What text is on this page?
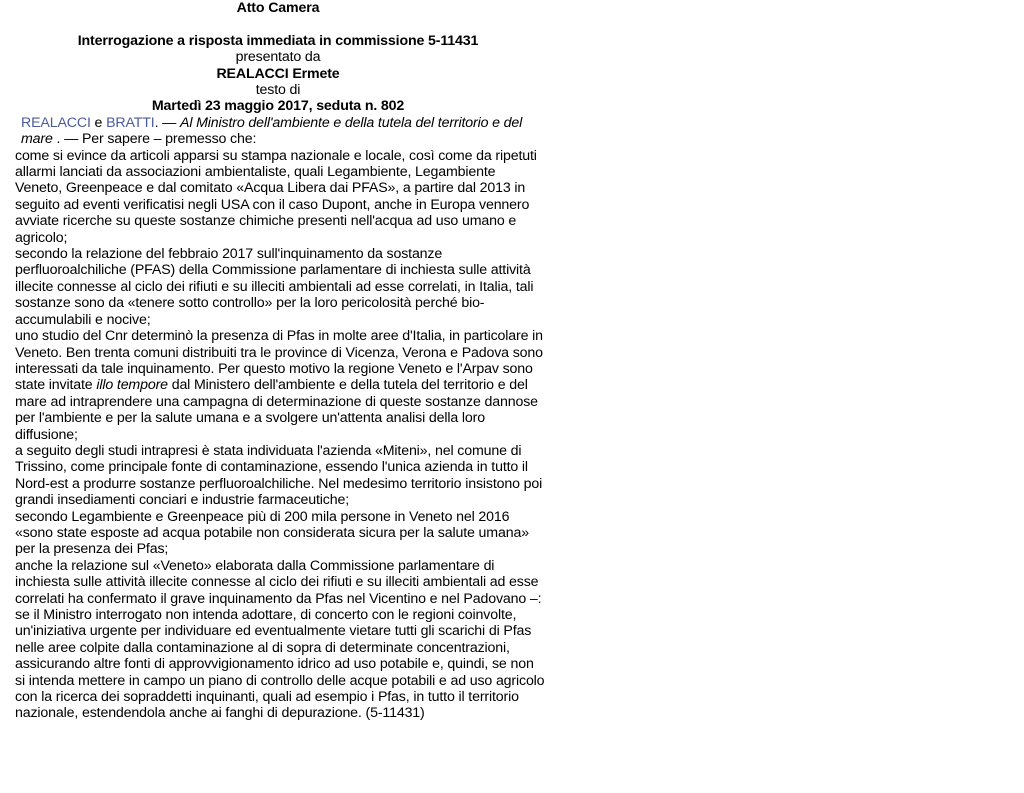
Atto Camera
Interrogazione a risposta immediata in commissione 5-11431
presentato da
REALACCI Ermete
testo di
Martedì 23 maggio 2017, seduta n. 802
REALACCI e BRATTI. — Al Ministro dell'ambiente e della tutela del territorio e del mare . — Per sapere – premesso che:

come si evince da articoli apparsi su stampa nazionale e locale, così come da ripetuti allarmi lanciati da associazioni ambientaliste, quali Legambiente, Legambiente Veneto, Greenpeace e dal comitato «Acqua Libera dai PFAS», a partire dal 2013 in seguito ad eventi verificatisi negli USA con il caso Dupont, anche in Europa vennero avviate ricerche su queste sostanze chimiche presenti nell'acqua ad uso umano e agricolo;

secondo la relazione del febbraio 2017 sull'inquinamento da sostanze perfluoroalchiliche (PFAS) della Commissione parlamentare di inchiesta sulle attività illecite connesse al ciclo dei rifiuti e su illeciti ambientali ad esse correlati, in Italia, tali sostanze sono da «tenere sotto controllo» per la loro pericolosità perché bio-accumulabili e nocive;

uno studio del Cnr determinò la presenza di Pfas in molte aree d'Italia, in particolare in Veneto. Ben trenta comuni distribuiti tra le province di Vicenza, Verona e Padova sono interessati da tale inquinamento. Per questo motivo la regione Veneto e l'Arpav sono state invitate illo tempore dal Ministero dell'ambiente e della tutela del territorio e del mare ad intraprendere una campagna di determinazione di queste sostanze dannose per l'ambiente e per la salute umana e a svolgere un'attenta analisi della loro diffusione;

a seguito degli studi intrapresi è stata individuata l'azienda «Miteni», nel comune di Trissino, come principale fonte di contaminazione, essendo l'unica azienda in tutto il Nord-est a produrre sostanze perfluoroalchiliche. Nel medesimo territorio insistono poi grandi insediamenti conciari e industrie farmaceutiche;

secondo Legambiente e Greenpeace più di 200 mila persone in Veneto nel 2016 «sono state esposte ad acqua potabile non considerata sicura per la salute umana» per la presenza dei Pfas;

anche la relazione sul «Veneto» elaborata dalla Commissione parlamentare di inchiesta sulle attività illecite connesse al ciclo dei rifiuti e su illeciti ambientali ad esse correlati ha confermato il grave inquinamento da Pfas nel Vicentino e nel Padovano –:

se il Ministro interrogato non intenda adottare, di concerto con le regioni coinvolte, un'iniziativa urgente per individuare ed eventualmente vietare tutti gli scarichi di Pfas nelle aree colpite dalla contaminazione al di sopra di determinate concentrazioni, assicurando altre fonti di approvvigionamento idrico ad uso potabile e, quindi, se non si intenda mettere in campo un piano di controllo delle acque potabili e ad uso agricolo con la ricerca dei sopraddetti inquinanti, quali ad esempio i Pfas, in tutto il territorio nazionale, estendendola anche ai fanghi di depurazione. (5-11431)
